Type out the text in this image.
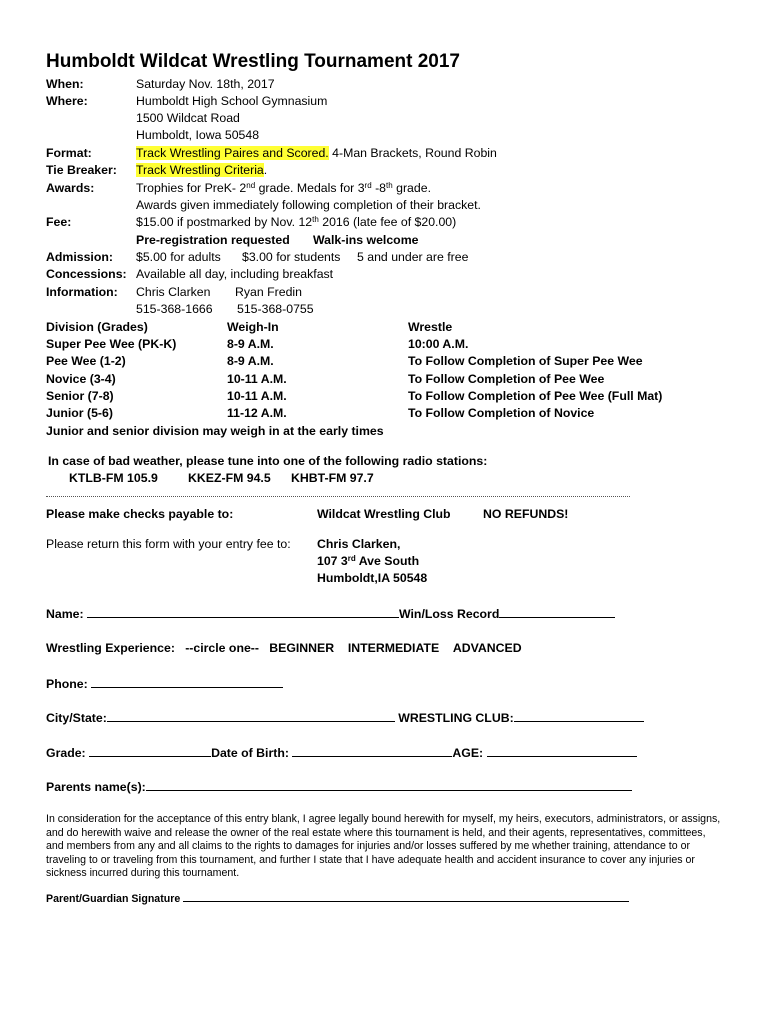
Humboldt Wildcat Wrestling Tournament 2017
When:	Saturday Nov. 18th, 2017
Where:	Humboldt High School Gymnasium
1500 Wildcat Road
Humboldt, Iowa 50548
Format:	Track Wrestling Paires and Scored. 4-Man Brackets, Round Robin
Tie Breaker: Track Wrestling Criteria.
Awards:	Trophies for PreK- 2nd grade. Medals for 3rd -8th grade.
Awards given immediately following completion of their bracket.
Fee:	$15.00 if postmarked by Nov. 12th 2016 (late fee of $20.00)
Pre-registration requested Walk-ins welcome
Admission: $5.00 for adults $3.00 for students 5 and under are free
Concessions: Available all day, including breakfast
Information: Chris Clarken Ryan Fredin
515-368-1666 515-368-0755
Division (Grades)	Weigh-In	Wrestle
Super Pee Wee (PK-K)	8-9 A.M.	10:00 A.M.
Pee Wee (1-2)	8-9 A.M.	To Follow Completion of Super Pee Wee
Novice (3-4)	10-11 A.M.	To Follow Completion of Pee Wee
Senior (7-8)	10-11 A.M.	To Follow Completion of Pee Wee (Full Mat)
Junior (5-6)	11-12 A.M.	To Follow Completion of Novice
Junior and senior division may weigh in at the early times
In case of bad weather, please tune into one of the following radio stations:
KTLB-FM 105.9 KKEZ-FM 94.5 KHBT-FM 97.7
Please make checks payable to:	Wildcat Wrestling Club	NO REFUNDS!
Please return this form with your entry fee to: Chris Clarken,
107 3rd Ave South
Humboldt,IA 50548
Name:	Win/Loss Record
Wrestling Experience: --circle one-- BEGINNER INTERMEDIATE ADVANCED
Phone:
City/State:	WRESTLING CLUB:
Grade:	Date of Birth:	AGE:
Parents name(s):
In consideration for the acceptance of this entry blank, I agree legally bound herewith for myself, my heirs, executors, administrators, or assigns, and do herewith waive and release the owner of the real estate where this tournament is held, and their agents, representatives, committees, and members from any and all claims to the rights to damages for injuries and/or losses suffered by me whether training, attendance to or traveling to or traveling from this tournament, and further I state that I have adequate health and accident insurance to cover any injuries or sickness incurred during this tournament.
Parent/Guardian Signature
